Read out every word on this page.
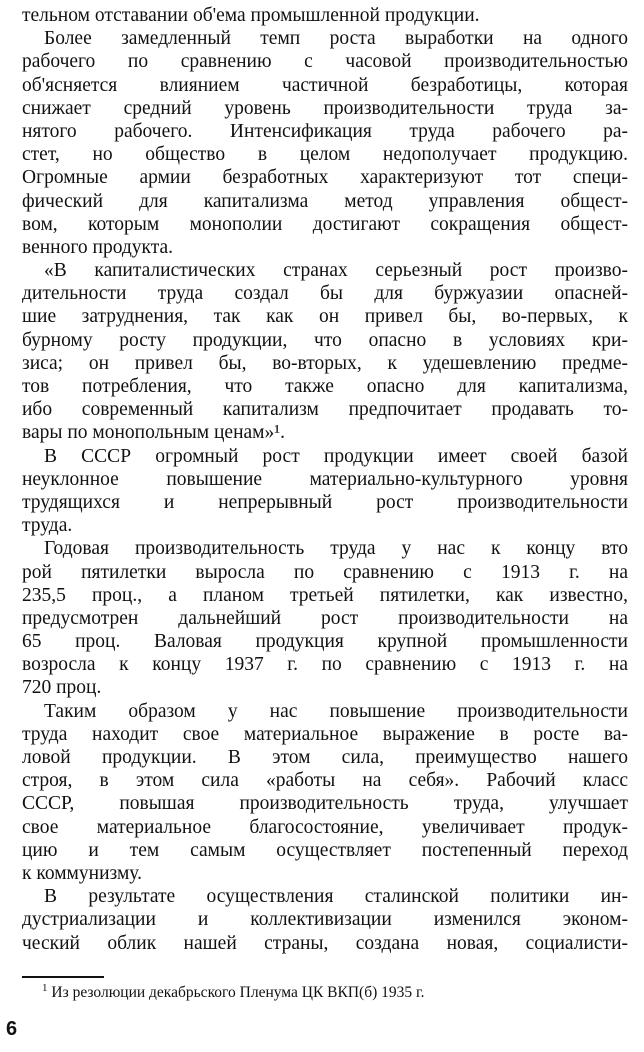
тельном отставании об'ема промышленной продукции.
Более замедленный темп роста выработки на одного
рабочего по сравнению с часовой производительностью
об'ясняется влиянием частичной безработицы, которая
снижает средний уровень производительности труда за-
нятого рабочего. Интенсификация труда рабочего ра-
стет, но общество в целом недополучает продукцию.
Огромные армии безработных характеризуют тот специ-
фический для капитализма метод управления общест-
вом, которым монополии достигают сокращения общест-
венного продукта.
«В капиталистических странах серьезный рост произво-
дительности труда создал бы для буржуазии опасней-
шие затруднения, так как он привел бы, во-первых, к
бурному росту продукции, что опасно в условиях кри-
зиса; он привел бы, во-вторых, к удешевлению предме-
тов потребления, что также опасно для капитализма,
ибо современный капитализм предпочитает продавать то-
вары по монопольным ценам»¹.
В СССР огромный рост продукции имеет своей базой
неуклонное повышение материально-культурного уровня
трудящихся и непрерывный рост производительности
труда.
Годовая производительность труда у нас к концу вто
рой пятилетки выросла по сравнению с 1913 г. на
235,5 проц., а планом третьей пятилетки, как известно,
предусмотрен дальнейший рост производительности на
65 проц. Валовая продукция крупной промышленности
возросла к концу 1937 г. по сравнению с 1913 г. на
720 проц.
Таким образом у нас повышение производительности
труда находит свое материальное выражение в росте ва-
ловой продукции. В этом сила, преимущество нашего
строя, в этом сила «работы на себя». Рабочий класс
СССР, повышая производительность труда, улучшает
свое материальное благосостояние, увеличивает продук-
цию и тем самым осуществляет постепенный переход
к коммунизму.
В результате осуществления сталинской политики ин-
дустриализации и коллективизации изменился эконом-
ческий облик нашей страны, создана новая, социалисти-
$^1$ Из резолюции декабрьского Пленума ЦК ВКП(б) 1935 г.
6
